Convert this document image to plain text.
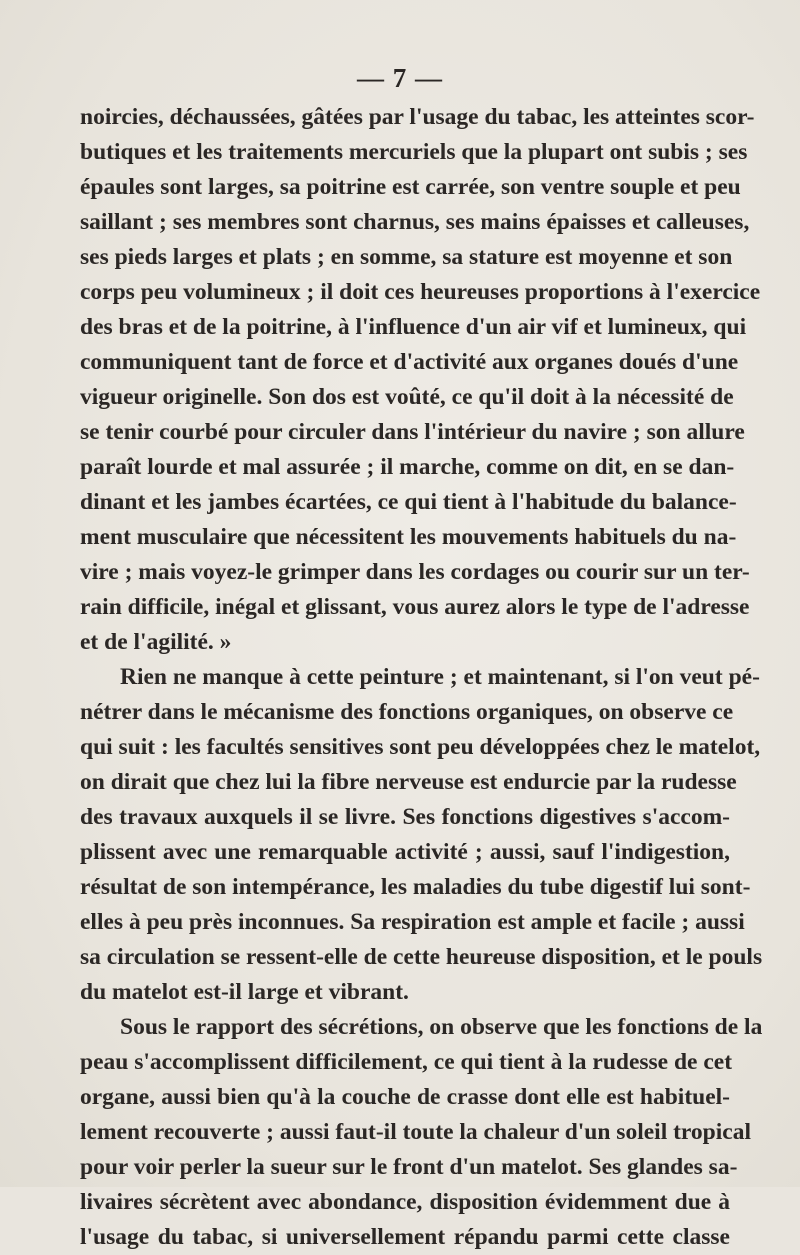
— 7 —
noircies, déchaussées, gâtées par l'usage du tabac, les atteintes scor-
butiques et les traitements mercuriels que la plupart ont subis ; ses
épaules sont larges, sa poitrine est carrée, son ventre souple et peu
saillant ; ses membres sont charnus, ses mains épaisses et calleuses,
ses pieds larges et plats ; en somme, sa stature est moyenne et son
corps peu volumineux ; il doit ces heureuses proportions à l'exercice
des bras et de la poitrine, à l'influence d'un air vif et lumineux, qui
communiquent tant de force et d'activité aux organes doués d'une
vigueur originelle. Son dos est voûté, ce qu'il doit à la nécessité de
se tenir courbé pour circuler dans l'intérieur du navire ; son allure
paraît lourde et mal assurée ; il marche, comme on dit, en se dan-
dinant et les jambes écartées, ce qui tient à l'habitude du balance-
ment musculaire que nécessitent les mouvements habituels du na-
vire ; mais voyez-le grimper dans les cordages ou courir sur un ter-
rain difficile, inégal et glissant, vous aurez alors le type de l'adresse
et de l'agilité. »
Rien ne manque à cette peinture ; et maintenant, si l'on veut pé-
nétrer dans le mécanisme des fonctions organiques, on observe ce
qui suit : les facultés sensitives sont peu développées chez le matelot,
on dirait que chez lui la fibre nerveuse est endurcie par la rudesse
des travaux auxquels il se livre. Ses fonctions digestives s'accom-
plissent avec une remarquable activité ; aussi, sauf l'indigestion,
résultat de son intempérance, les maladies du tube digestif lui sont-
elles à peu près inconnues. Sa respiration est ample et facile ; aussi
sa circulation se ressent-elle de cette heureuse disposition, et le pouls
du matelot est-il large et vibrant.
Sous le rapport des sécrétions, on observe que les fonctions de la
peau s'accomplissent difficilement, ce qui tient à la rudesse de cet
organe, aussi bien qu'à la couche de crasse dont elle est habituel-
lement recouverte ; aussi faut-il toute la chaleur d'un soleil tropical
pour voir perler la sueur sur le front d'un matelot. Ses glandes sa-
livaires sécrètent avec abondance, disposition évidemment due à
l'usage du tabac, si universellement répandu parmi cette classe
